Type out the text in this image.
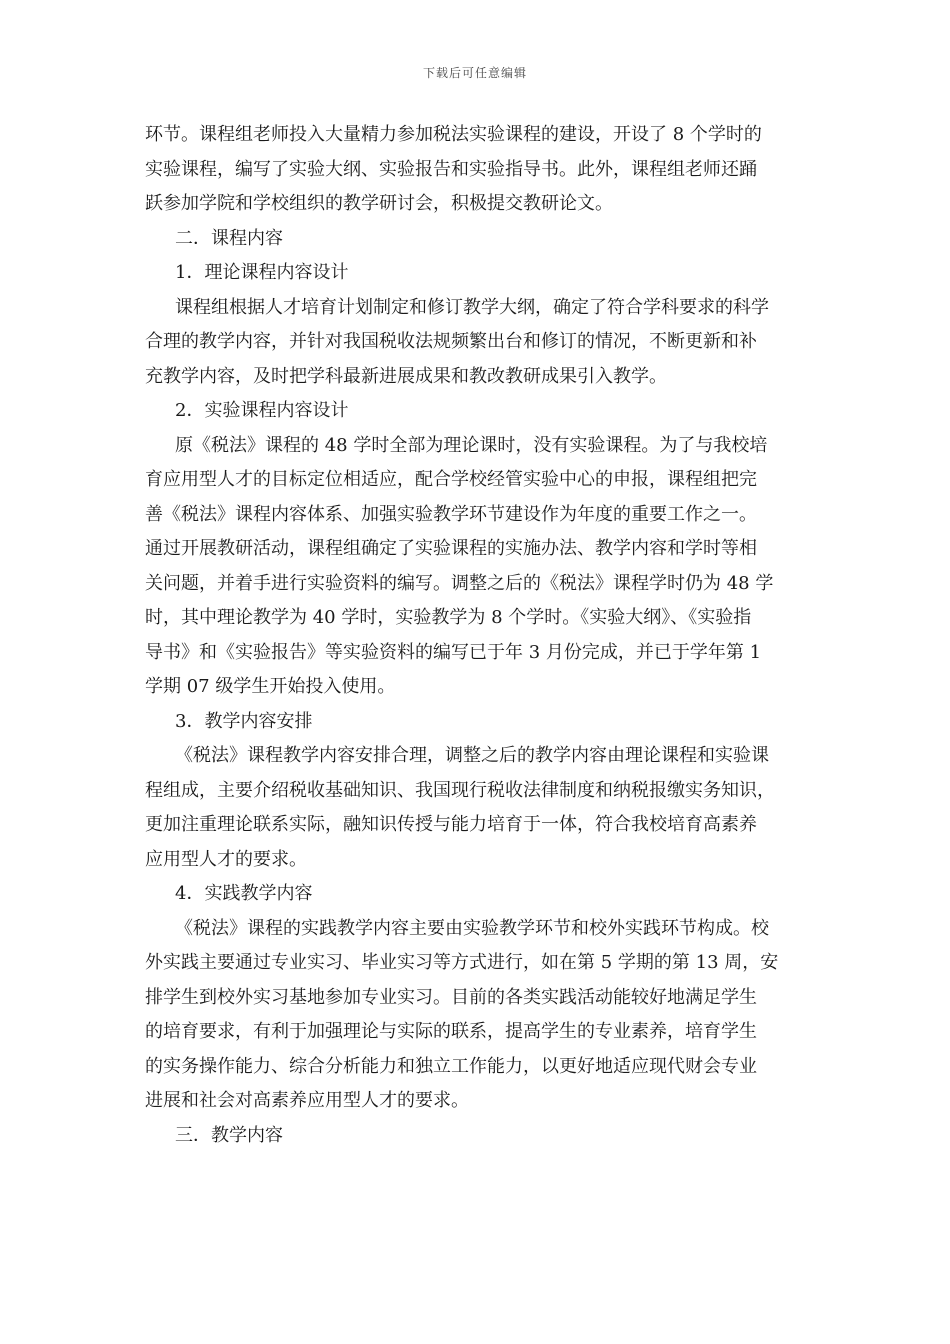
下载后可任意编辑
环节。课程组老师投入大量精力参加税法实验课程的建设，开设了 8 个学时的
实验课程，编写了实验大纲、实验报告和实验指导书。此外，课程组老师还踊
跃参加学院和学校组织的教学研讨会，积极提交教研论文。
二．课程内容
1．理论课程内容设计
课程组根据人才培育计划制定和修订教学大纲，确定了符合学科要求的科学
合理的教学内容，并针对我国税收法规频繁出台和修订的情况，不断更新和补
充教学内容，及时把学科最新进展成果和教改教研成果引入教学。
2．实验课程内容设计
原《税法》课程的 48 学时全部为理论课时，没有实验课程。为了与我校培
育应用型人才的目标定位相适应，配合学校经管实验中心的申报，课程组把完
善《税法》课程内容体系、加强实验教学环节建设作为年度的重要工作之一。
通过开展教研活动，课程组确定了实验课程的实施办法、教学内容和学时等相
关问题，并着手进行实验资料的编写。调整之后的《税法》课程学时仍为 48 学
时，其中理论教学为 40 学时，实验教学为 8 个学时。《实验大纲》、《实验指
导书》和《实验报告》等实验资料的编写已于年 3 月份完成，并已于学年第 1
学期 07 级学生开始投入使用。
3．教学内容安排
《税法》课程教学内容安排合理，调整之后的教学内容由理论课程和实验课
程组成，主要介绍税收基础知识、我国现行税收法律制度和纳税报缴实务知识，
更加注重理论联系实际，融知识传授与能力培育于一体，符合我校培育高素养
应用型人才的要求。
4．实践教学内容
《税法》课程的实践教学内容主要由实验教学环节和校外实践环节构成。校
外实践主要通过专业实习、毕业实习等方式进行，如在第 5 学期的第 13 周，安
排学生到校外实习基地参加专业实习。目前的各类实践活动能较好地满足学生
的培育要求，有利于加强理论与实际的联系，提高学生的专业素养，培育学生
的实务操作能力、综合分析能力和独立工作能力，以更好地适应现代财会专业
进展和社会对高素养应用型人才的要求。
三．教学内容
